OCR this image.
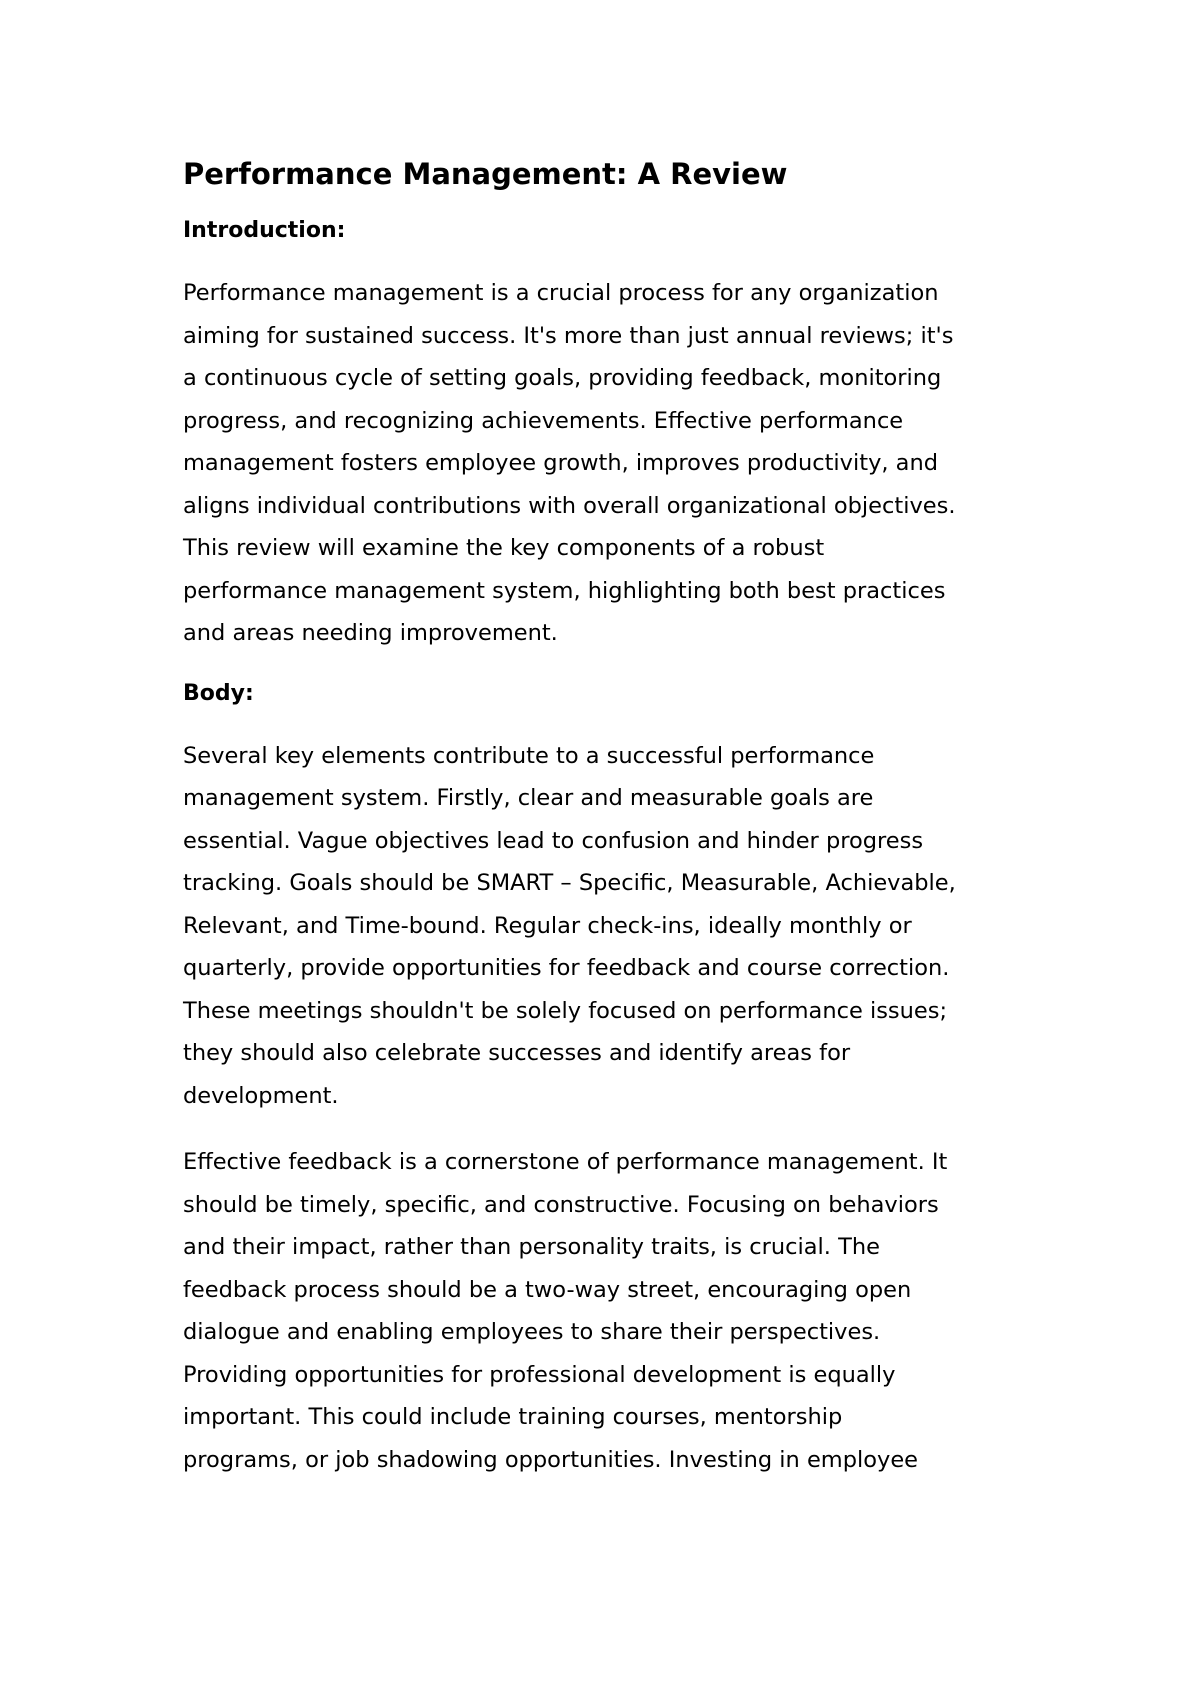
Performance Management: A Review
Introduction:

Performance management is a crucial process for any organization
aiming for sustained success. It's more than just annual reviews; it's
a continuous cycle of setting goals, providing feedback, monitoring
progress, and recognizing achievements. Effective performance
management fosters employee growth, improves productivity, and
aligns individual contributions with overall organizational objectives.
This review will examine the key components of a robust
performance management system, highlighting both best practices
and areas needing improvement.

Body:

Several key elements contribute to a successful performance
management system. Firstly, clear and measurable goals are
essential. Vague objectives lead to confusion and hinder progress
tracking. Goals should be SMART – Specific, Measurable, Achievable,
Relevant, and Time-bound. Regular check-ins, ideally monthly or
quarterly, provide opportunities for feedback and course correction.
These meetings shouldn't be solely focused on performance issues;
they should also celebrate successes and identify areas for
development.

Effective feedback is a cornerstone of performance management. It
should be timely, specific, and constructive. Focusing on behaviors
and their impact, rather than personality traits, is crucial. The
feedback process should be a two-way street, encouraging open
dialogue and enabling employees to share their perspectives.
Providing opportunities for professional development is equally
important. This could include training courses, mentorship
programs, or job shadowing opportunities. Investing in employee
